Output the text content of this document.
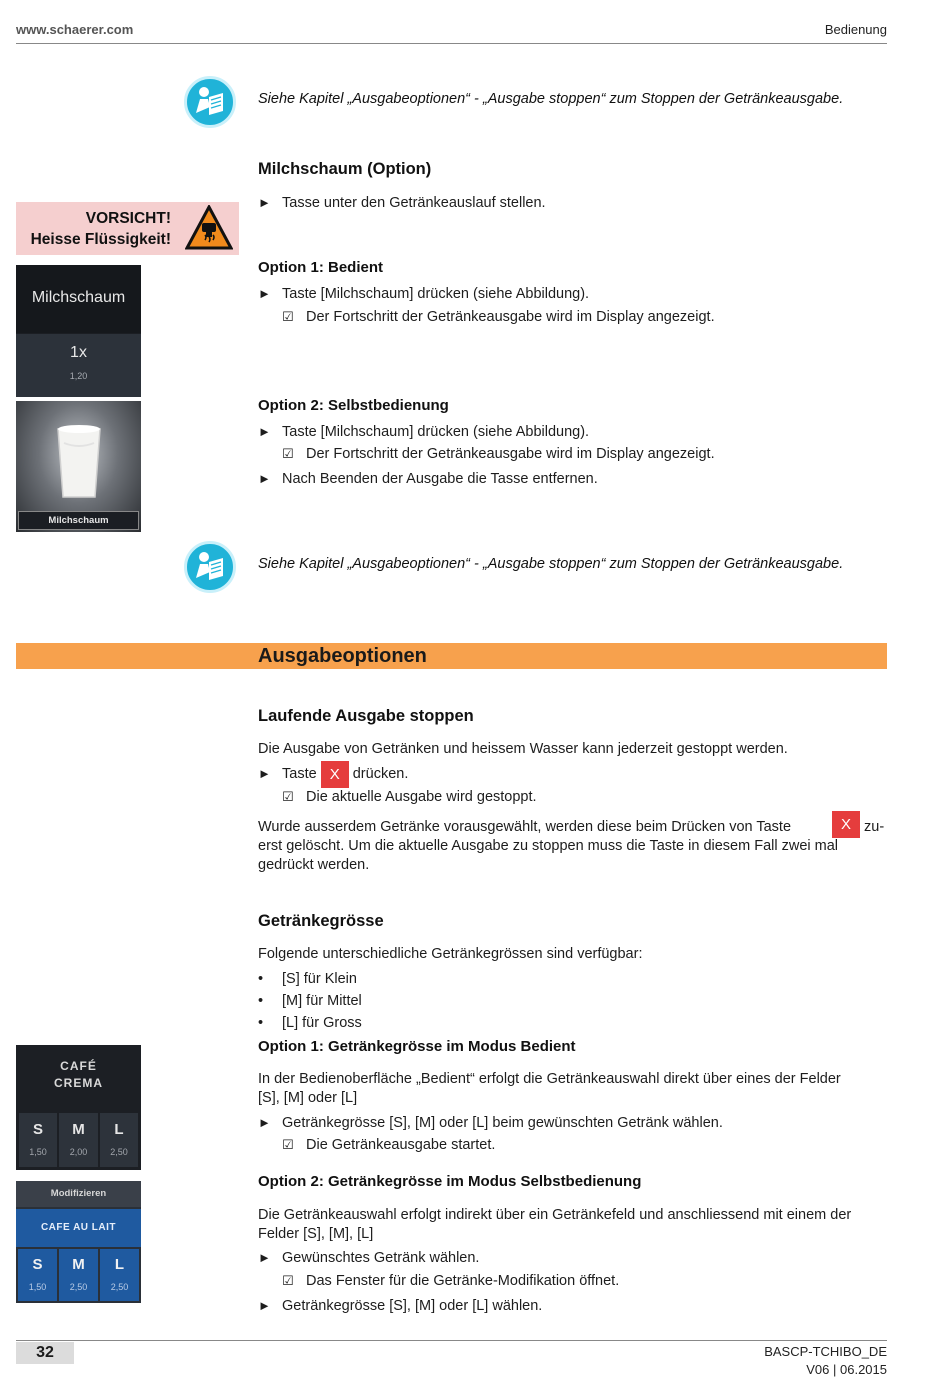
www.schaerer.com	Bedienung
Siehe Kapitel „Ausgabeoptionen“ - „Ausgabe stoppen“ zum Stoppen der Getränkeausgabe.
Milchschaum (Option)
VORSICHT!
Heisse Flüssigkeit!
► Tasse unter den Getränkeauslauf stellen.
Milchschaum
1x
1,20
Milchschaum
Option 1: Bedient
► Taste [Milchschaum] drücken (siehe Abbildung).
☑ Der Fortschritt der Getränkeausgabe wird im Display angezeigt.
Option 2: Selbstbedienung
► Taste [Milchschaum] drücken (siehe Abbildung).
☑ Der Fortschritt der Getränkeausgabe wird im Display angezeigt.
► Nach Beenden der Ausgabe die Tasse entfernen.
Siehe Kapitel „Ausgabeoptionen“ - „Ausgabe stoppen“ zum Stoppen der Getränkeausgabe.
Ausgabeoptionen
Laufende Ausgabe stoppen
Die Ausgabe von Getränken und heissem Wasser kann jederzeit gestoppt werden.
► Taste X drücken.
☑ Die aktuelle Ausgabe wird gestoppt.
Wurde ausserdem Getränke vorausgewählt, werden diese beim Drücken von Taste	X zu-
erst gelöscht. Um die aktuelle Ausgabe zu stoppen muss die Taste in diesem Fall zwei mal
gedrückt werden.
Getränkegrösse
Folgende unterschiedliche Getränkegrössen sind verfügbar:
• [S] für Klein
• [M] für Mittel
• [L] für Gross
Option 1: Getränkegrösse im Modus Bedient
In der Bedienoberfläche „Bedient“ erfolgt die Getränkeauswahl direkt über eines der Felder
[S], [M] oder [L]
► Getränkegrösse [S], [M] oder [L] beim gewünschten Getränk wählen.
☑ Die Getränkeausgabe startet.
Option 2: Getränkegrösse im Modus Selbstbedienung
Die Getränkeauswahl erfolgt indirekt über ein Getränkefeld und anschliessend mit einem der
Felder [S], [M], [L]
► Gewünschtes Getränk wählen.
☑ Das Fenster für die Getränke-Modifikation öffnet.
► Getränkegrösse [S], [M] oder [L] wählen.
CAFÉ
CREMA
S
1,50
M
2,00
L
2,50
Modifizieren
CAFE AU LAIT
S
1,50
M
2,50
L
2,50
32	BASCP-TCHIBO_DE
V06 | 06.2015
